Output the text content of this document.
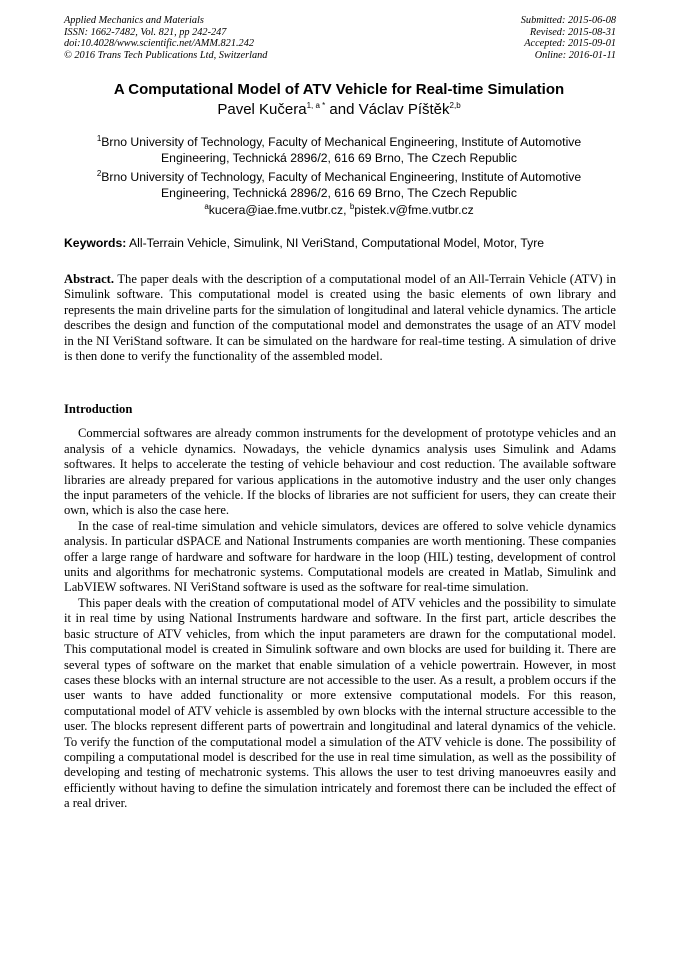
Applied Mechanics and Materials
ISSN: 1662-7482, Vol. 821, pp 242-247
doi:10.4028/www.scientific.net/AMM.821.242
© 2016 Trans Tech Publications Ltd, Switzerland
Submitted: 2015-06-08
Revised: 2015-08-31
Accepted: 2015-09-01
Online: 2016-01-11
A Computational Model of ATV Vehicle for Real-time Simulation
Pavel Kučera$^{1, a *}$ and Václav Píštěk$^{2,b}$
$^1$Brno University of Technology, Faculty of Mechanical Engineering, Institute of Automotive
Engineering, Technická 2896/2, 616 69 Brno, The Czech Republic
$^2$Brno University of Technology, Faculty of Mechanical Engineering, Institute of Automotive
Engineering, Technická 2896/2, 616 69 Brno, The Czech Republic
$^a$kucera@iae.fme.vutbr.cz, $^b$pistek.v@fme.vutbr.cz
Keywords: All-Terrain Vehicle, Simulink, NI VeriStand, Computational Model, Motor, Tyre

Abstract. The paper deals with the description of a computational model of an All-Terrain Vehicle (ATV) in Simulink software. This computational model is created using the basic elements of own library and represents the main driveline parts for the simulation of longitudinal and lateral vehicle dynamics. The article describes the design and function of the computational model and demonstrates the usage of an ATV model in the NI VeriStand software. It can be simulated on the hardware for real-time testing. A simulation of drive is then done to verify the functionality of the assembled model.

Introduction

Commercial softwares are already common instruments for the development of prototype vehicles and an analysis of a vehicle dynamics. Nowadays, the vehicle dynamics analysis uses Simulink and Adams softwares. It helps to accelerate the testing of vehicle behaviour and cost reduction. The available software libraries are already prepared for various applications in the automotive industry and the user only changes the input parameters of the vehicle. If the blocks of libraries are not sufficient for users, they can create their own, which is also the case here.

In the case of real-time simulation and vehicle simulators, devices are offered to solve vehicle dynamics analysis. In particular dSPACE and National Instruments companies are worth mentioning. These companies offer a large range of hardware and software for hardware in the loop (HIL) testing, development of control units and algorithms for mechatronic systems. Computational models are created in Matlab, Simulink and LabVIEW softwares. NI VeriStand software is used as the software for real-time simulation.

This paper deals with the creation of computational model of ATV vehicles and the possibility to simulate it in real time by using National Instruments hardware and software. In the first part, article describes the basic structure of ATV vehicles, from which the input parameters are drawn for the computational model. This computational model is created in Simulink software and own blocks are used for building it. There are several types of software on the market that enable simulation of a vehicle powertrain. However, in most cases these blocks with an internal structure are not accessible to the user. As a result, a problem occurs if the user wants to have added functionality or more extensive computational models. For this reason, computational model of ATV vehicle is assembled by own blocks with the internal structure accessible to the user. The blocks represent different parts of powertrain and longitudinal and lateral dynamics of the vehicle. To verify the function of the computational model a simulation of the ATV vehicle is done. The possibility of compiling a computational model is described for the use in real time simulation, as well as the possibility of developing and testing of mechatronic systems. This allows the user to test driving manoeuvres easily and efficiently without having to define the simulation intricately and foremost there can be included the effect of a real driver.
